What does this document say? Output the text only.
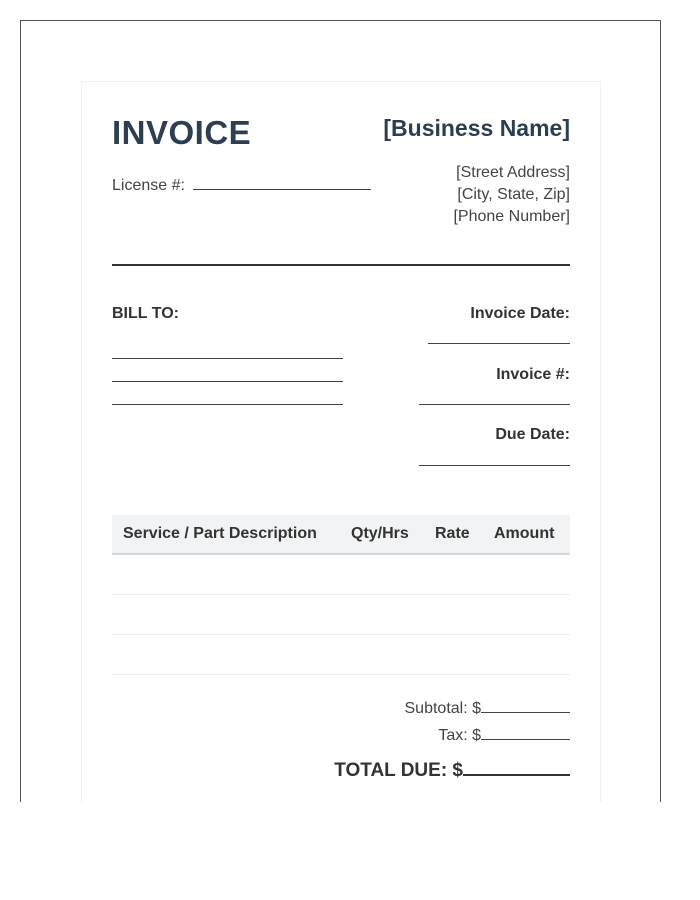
INVOICE	[Business Name]
License #:
[Street Address]
[City, State, Zip]
[Phone Number]
BILL TO:	Invoice Date:
Invoice #:
Due Date:
Service / Part Description Qty/Hrs Rate Amount
Subtotal: $
Tax: $
TOTAL DUE: $
